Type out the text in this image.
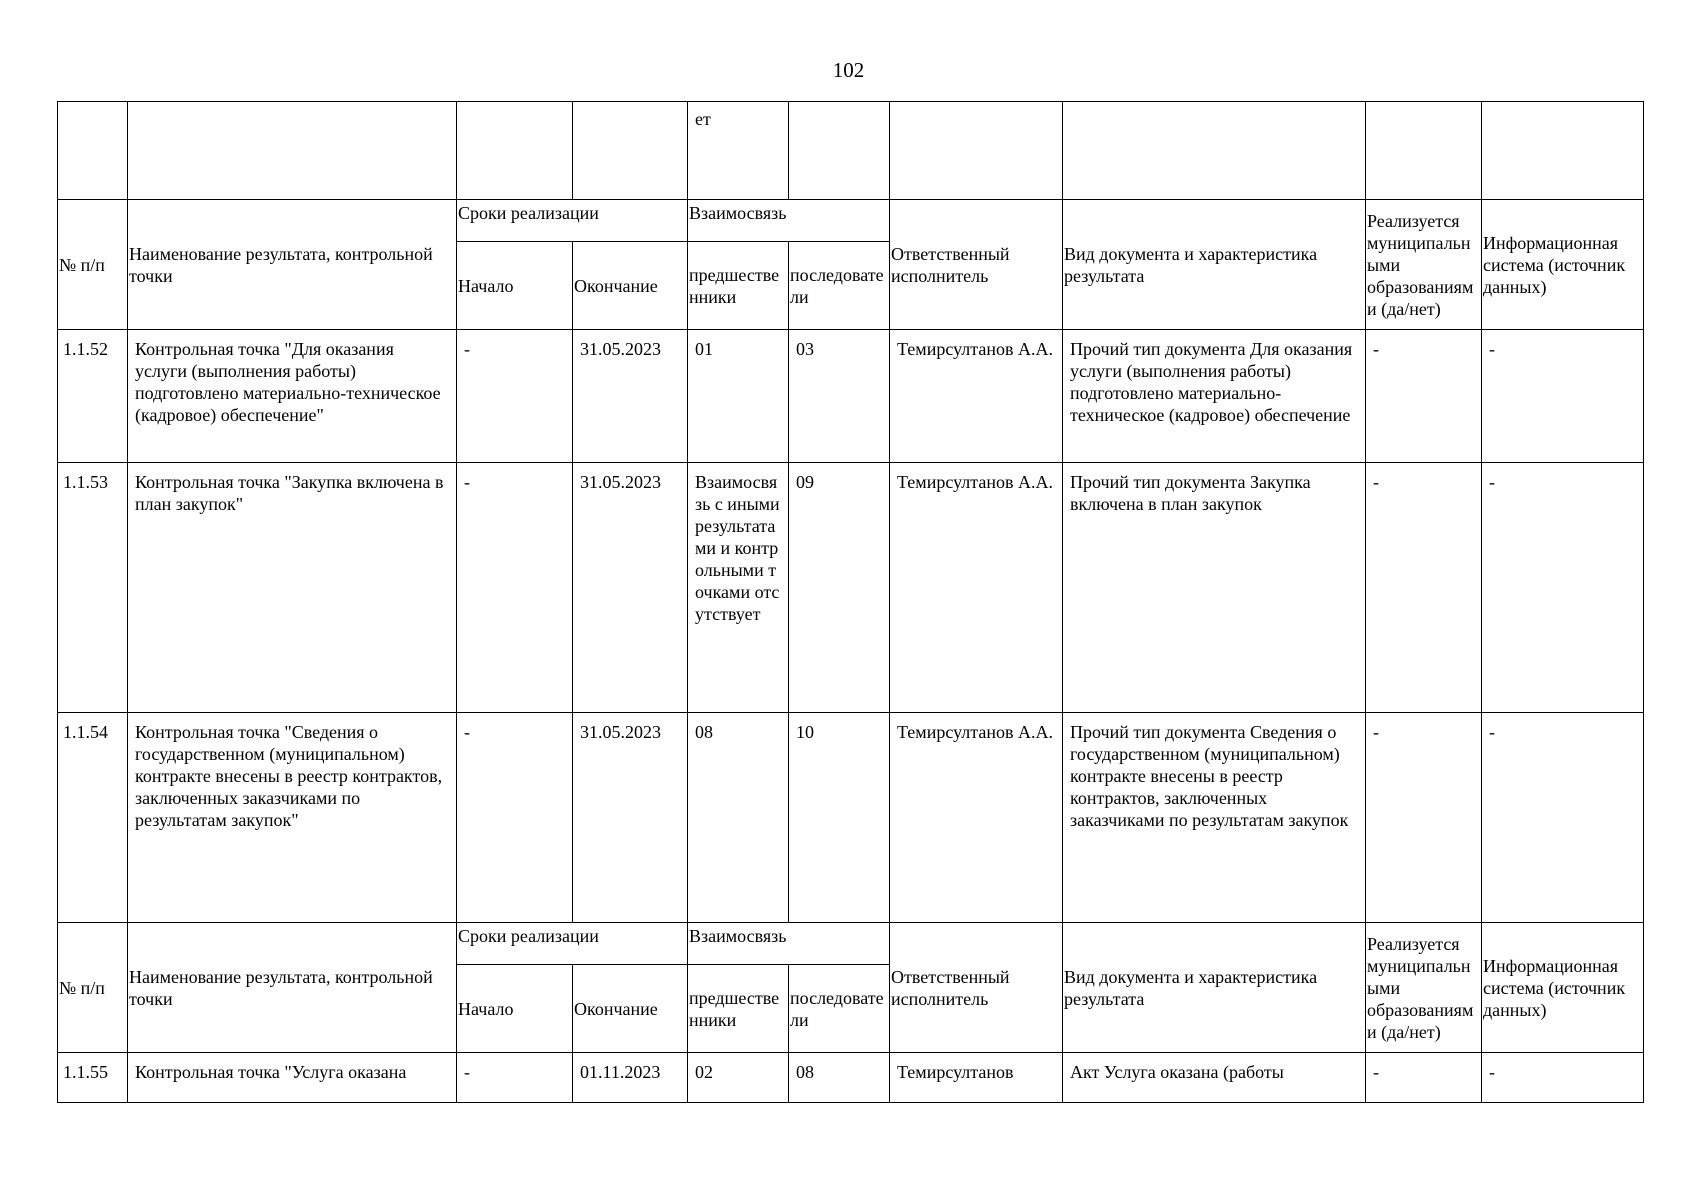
102
				ет					
№ п/п	Наименование результата, контрольной точки	Сроки реализации		Взаимосвязь		Ответственный исполнитель	Вид документа и характеристика результата	Реализуется муниципальными образованиями (да/нет)	Информационная система (источник данных)
		Начало	Окончание	предшественники	последователи				
1.1.52	Контрольная точка "Для оказания услуги (выполнения работы) подготовлено материально-техническое (кадровое) обеспечение"	-	31.05.2023	01	03	Темирсултанов А.А.	Прочий тип документа Для оказания услуги (выполнения работы) подготовлено материально-техническое (кадровое) обеспечение	-	-
1.1.53	Контрольная точка "Закупка включена в план закупок"	-	31.05.2023	Взаимосвязь с иными результатами и контрольными точками отсутствует	09	Темирсултанов А.А.	Прочий тип документа Закупка включена в план закупок	-	-
1.1.54	Контрольная точка "Сведения о государственном (муниципальном) контракте внесены в реестр контрактов, заключенных заказчиками по результатам закупок"	-	31.05.2023	08	10	Темирсултанов А.А.	Прочий тип документа Сведения о государственном (муниципальном) контракте внесены в реестр контрактов, заключенных заказчиками по результатам закупок	-	-
№ п/п	Наименование результата, контрольной точки	Сроки реализации		Взаимосвязь		Ответственный исполнитель	Вид документа и характеристика результата	Реализуется муниципальными образованиями (да/нет)	Информационная система (источник данных)
		Начало	Окончание	предшественники	последователи				
1.1.55	Контрольная точка "Услуга оказана	-	01.11.2023	02	08	Темирсултанов	Акт Услуга оказана (работы	-	-
